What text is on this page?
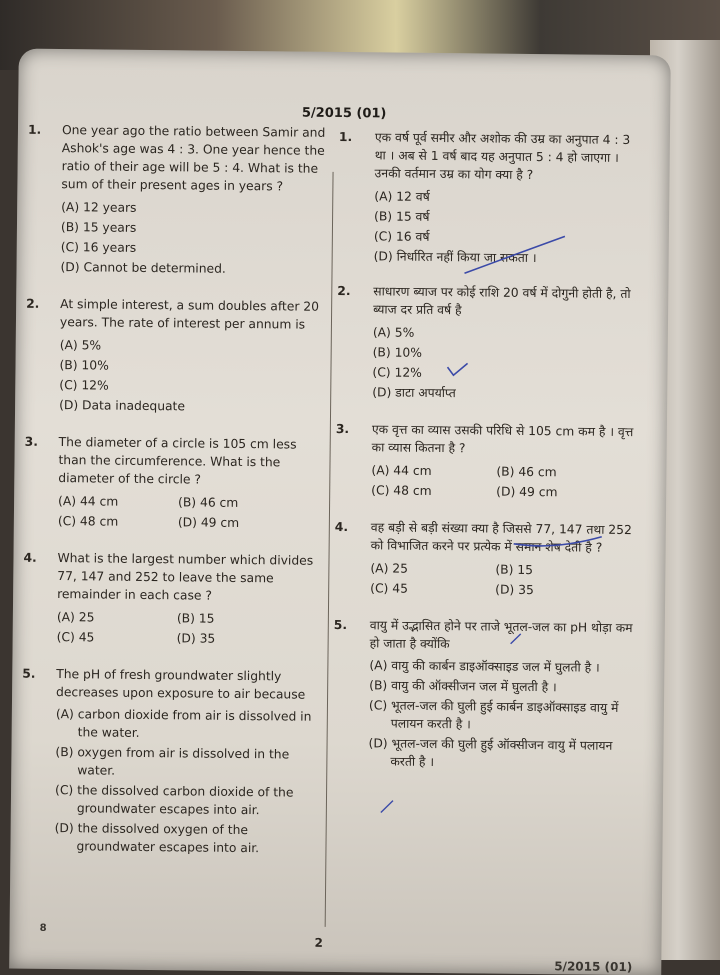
5/2015 (01)
1. One year ago the ratio between Samir and Ashok's age was 4 : 3. One year hence the ratio of their age will be 5 : 4. What is the sum of their present ages in years ?

(A) 12 years
(B) 15 years
(C) 16 years
(D) Cannot be determined.
2. At simple interest, a sum doubles after 20 years. The rate of interest per annum is

(A) 5%
(B) 10%
(C) 12%
(D) Data inadequate
3. The diameter of a circle is 105 cm less than the circumference. What is the diameter of the circle ?

(A) 44 cm	(B) 46 cm
(C) 48 cm	(D) 49 cm
4. What is the largest number which divides 77, 147 and 252 to leave the same remainder in each case ?

(A) 25	(B) 15
(C) 45	(D) 35
5. The pH of fresh groundwater slightly decreases upon exposure to air because

(A) carbon dioxide from air is dissolved in the water.
(B) oxygen from air is dissolved in the water.
(C) the dissolved carbon dioxide of the groundwater escapes into air.
(D) the dissolved oxygen of the groundwater escapes into air.
1.	एक वर्ष पूर्व समीर और अशोक की उम्र का अनुपात 4 : 3 था । अब से 1 वर्ष बाद यह अनुपात 5 : 4 हो जाएगा । उनकी वर्तमान उम्र का योग क्या है ?

(A) 12 वर्ष
(B) 15 वर्ष
(C) 16 वर्ष
(D) निर्धारित नहीं किया जा सकता ।
2.	साधारण ब्याज पर कोई राशि 20 वर्ष में दोगुनी होती है, तो ब्याज दर प्रति वर्ष है

(A) 5%
(B) 10%
(C) 12%
(D) डाटा अपर्याप्त
3.	एक वृत्त का व्यास उसकी परिधि से 105 cm कम है । वृत्त का व्यास कितना है ?

(A) 44 cm	(B) 46 cm
(C) 48 cm	(D) 49 cm
4.	वह बड़ी से बड़ी संख्या क्या है जिससे 77, 147 तथा 252 को विभाजित करने पर प्रत्येक में समान शेष देती है ?

(A) 25	(B) 15
(C) 45	(D) 35
5.	वायु में उद्भासित होने पर ताजे भूतल-जल का pH थोड़ा कम हो जाता है क्योंकि

(A) वायु की कार्बन डाइऑक्साइड जल में घुलती है ।
(B) वायु की ऑक्सीजन जल में घुलती है ।
(C) भूतल-जल की घुली हुई कार्बन डाइऑक्साइड वायु में पलायन करती है ।
(D) भूतल-जल की घुली हुई ऑक्सीजन वायु में पलायन करती है ।
8
2
5/2015 (01)
